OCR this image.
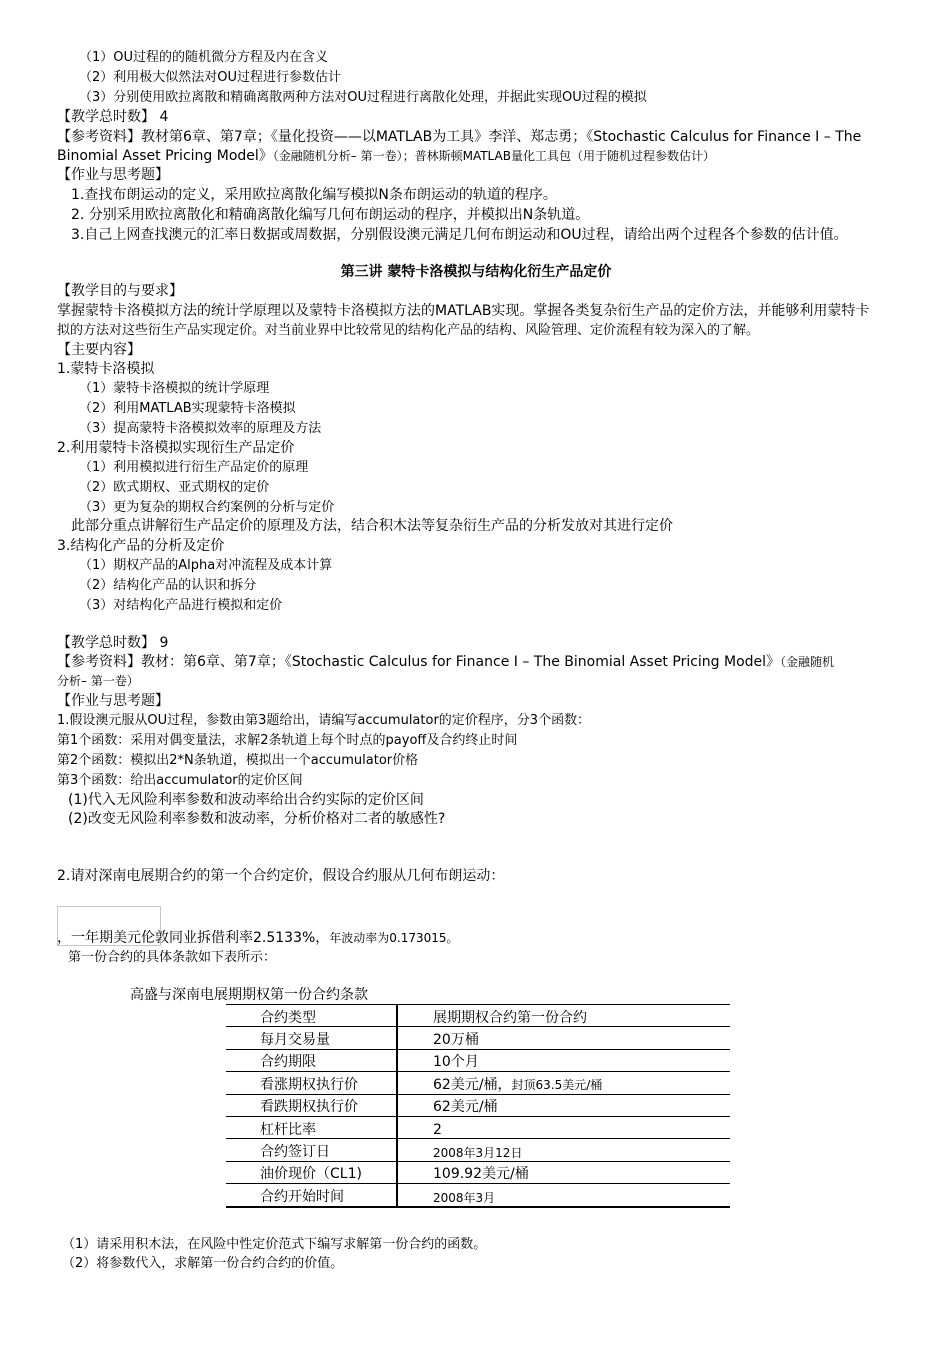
（1）OU过程的的随机微分方程及内在含义
（2）利用极大似然法对OU过程进行参数估计
（3）分别使用欧拉离散和精确离散两种方法对OU过程进行离散化处理，并据此实现OU过程的模拟
【教学总时数】 4
【参考资料】教材第6章、第7章；《量化投资——以MATLAB为工具》李洋、郑志勇；《Stochastic Calculus for Finance I – The
Binomial Asset Pricing Model》（金融随机分析– 第一卷）；普林斯顿MATLAB量化工具包（用于随机过程参数估计）
【作业与思考题】
1.查找布朗运动的定义，采用欧拉离散化编写模拟N条布朗运动的轨道的程序。
2. 分别采用欧拉离散化和精确离散化编写几何布朗运动的程序，并模拟出N条轨道。
3.自己上网查找澳元的汇率日数据或周数据，分别假设澳元满足几何布朗运动和OU过程，请给出两个过程各个参数的估计值。
第三讲 蒙特卡洛模拟与结构化衍生产品定价
【教学目的与要求】
掌握蒙特卡洛模拟方法的统计学原理以及蒙特卡洛模拟方法的MATLAB实现。掌握各类复杂衍生产品的定价方法，并能够利用蒙特卡
拟的方法对这些衍生产品实现定价。对当前业界中比较常见的结构化产品的结构、风险管理、定价流程有较为深入的了解。
【主要内容】
1.蒙特卡洛模拟
（1）蒙特卡洛模拟的统计学原理
（2）利用MATLAB实现蒙特卡洛模拟
（3）提高蒙特卡洛模拟效率的原理及方法
2.利用蒙特卡洛模拟实现衍生产品定价
（1）利用模拟进行衍生产品定价的原理
（2）欧式期权、亚式期权的定价
（3）更为复杂的期权合约案例的分析与定价
此部分重点讲解衍生产品定价的原理及方法，结合积木法等复杂衍生产品的分析发放对其进行定价
3.结构化产品的分析及定价
（1）期权产品的Alpha对冲流程及成本计算
（2）结构化产品的认识和拆分
（3）对结构化产品进行模拟和定价
【教学总时数】 9
【参考资料】教材：第6章、第7章；《Stochastic Calculus for Finance I – The Binomial Asset Pricing Model》（金融随机
分析– 第一卷）
【作业与思考题】
1.假设澳元服从OU过程，参数由第3题给出，请编写accumulator的定价程序，分3个函数：
第1个函数：采用对偶变量法，求解2条轨道上每个时点的payoff及合约终止时间
第2个函数：模拟出2*N条轨道，模拟出一个accumulator价格
第3个函数：给出accumulator的定价区间
(1)代入无风险利率参数和波动率给出合约实际的定价区间
(2)改变无风险利率参数和波动率，分析价格对二者的敏感性?
2.请对深南电展期合约的第一个合约定价，假设合约服从几何布朗运动：
，一年期美元伦敦同业拆借利率2.5133%，年波动率为0.173015。
第一份合约的具体条款如下表所示：
高盛与深南电展期期权第一份合约条款
合约类型	展期期权合约第一份合约
每月交易量	20万桶
合约期限	10个月
看涨期权执行价	62美元/桶，封顶63.5美元/桶
看跌期权执行价	62美元/桶
杠杆比率	2
合约签订日	2008年3月12日
油价现价（CL1)	109.92美元/桶
合约开始时间	2008年3月
（1）请采用积木法，在风险中性定价范式下编写求解第一份合约的函数。
（2）将参数代入，求解第一份合约合约的价值。
